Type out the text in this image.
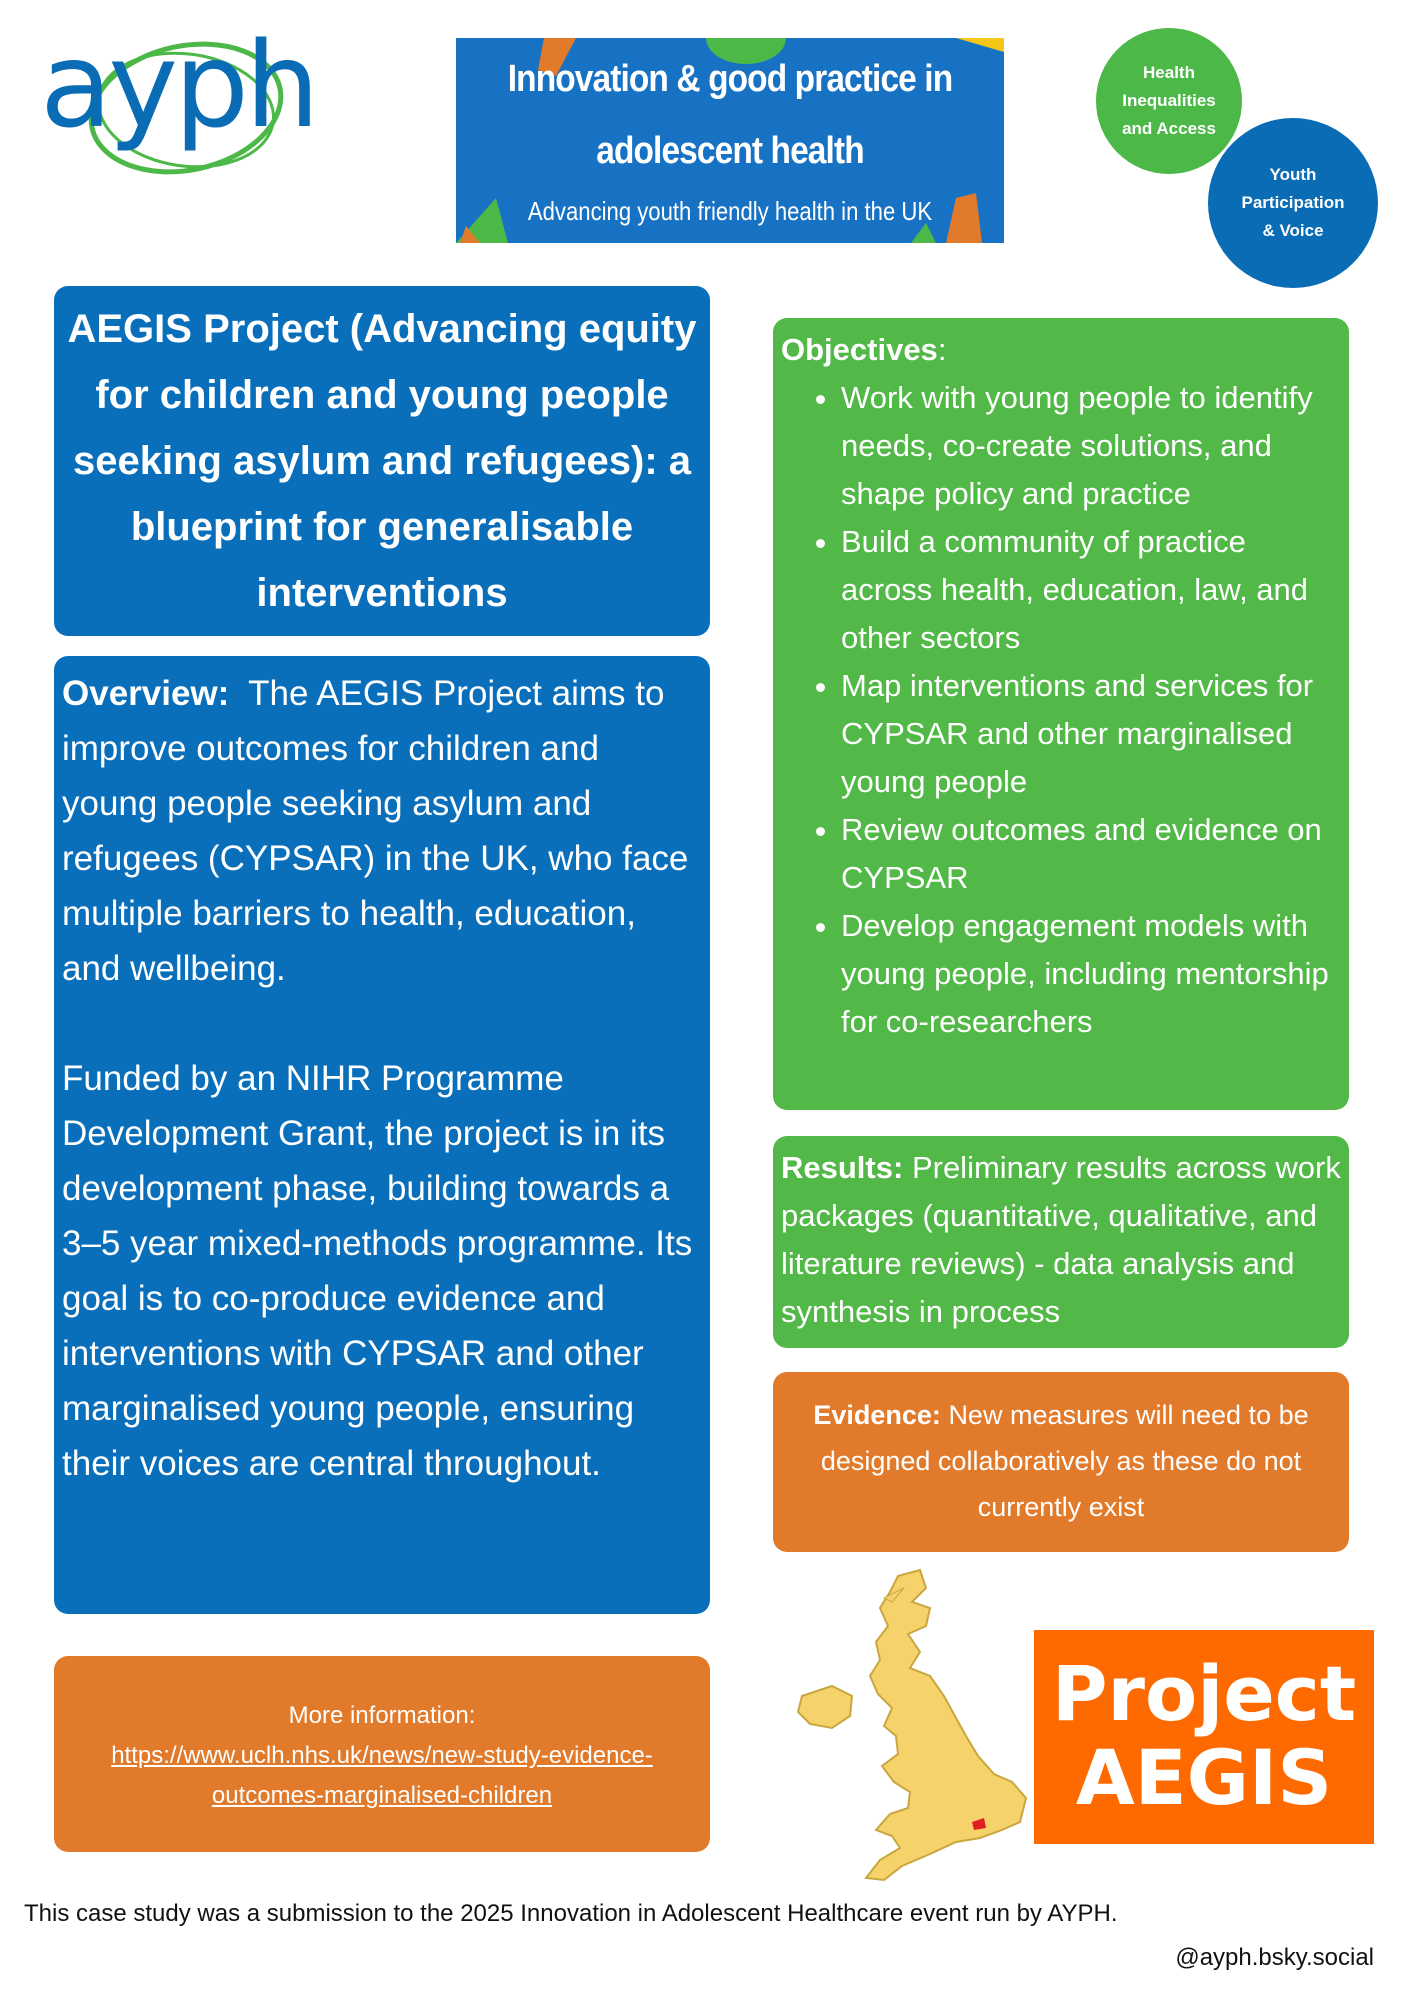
ayph	Innovation & good practice in
adolescent health
Advancing youth friendly health in the UK
Health
Inequalities
and Access
Youth
Participation
& Voice
AEGIS Project (Advancing equity for children and young people seeking asylum and refugees): a blueprint for generalisable interventions

Overview: The AEGIS Project aims to improve outcomes for children and young people seeking asylum and refugees (CYPSAR) in the UK, who face multiple barriers to health, education, and wellbeing.

Funded by an NIHR Programme Development Grant, the project is in its development phase, building towards a 3–5 year mixed-methods programme. Its goal is to co-produce evidence and interventions with CYPSAR and other marginalised young people, ensuring their voices are central throughout.

Objectives:
• Work with young people to identify needs, co-create solutions, and shape policy and practice
• Build a community of practice across health, education, law, and other sectors
• Map interventions and services for CYPSAR and other marginalised young people
• Review outcomes and evidence on CYPSAR
• Develop engagement models with young people, including mentorship for co-researchers
Results: Preliminary results across work packages (quantitative, qualitative, and literature reviews) - data analysis and synthesis in process
Evidence: New measures will need to be designed collaboratively as these do not currently exist
More information:
https://www.uclh.nhs.uk/news/new-study-evidence-
outcomes-marginalised-children
Project
AEGIS
This case study was a submission to the 2025 Innovation in Adolescent Healthcare event run by AYPH.
@ayph.bsky.social
